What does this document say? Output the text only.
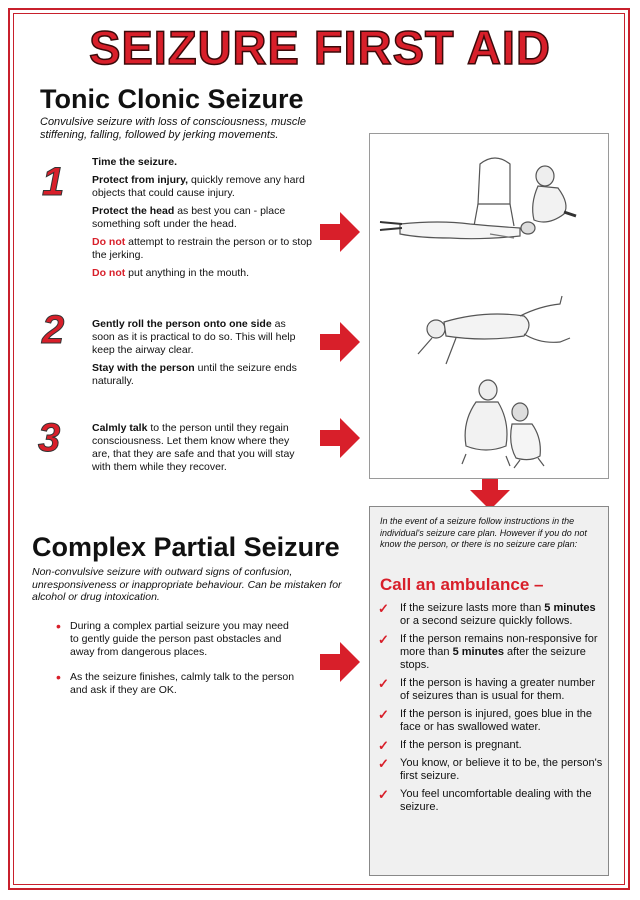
SEIZURE FIRST AID
Tonic Clonic Seizure
Convulsive seizure with loss of consciousness, muscle stiffening, falling, followed by jerking movements.
1	Time the seizure.

Protect from injury, quickly remove any hard objects that could cause injury.

Protect the head as best you can - place something soft under the head.

Do not attempt to restrain the person or to stop the jerking.

Do not put anything in the mouth.

2	Gently roll the person onto one side as soon as it is practical to do so. This will help keep the airway clear.

Stay with the person until the seizure ends naturally.

3	Calmly talk to the person until they regain consciousness. Let them know where they are, that they are safe and that you will stay with them while they recover.

Complex Partial Seizure
Non-convulsive seizure with outward signs of confusion, unresponsiveness or inappropriate behaviour. Can be mistaken for alcohol or drug intoxication.
• During a complex partial seizure you may need to gently guide the person past obstacles and away from dangerous places.
• As the seizure finishes, calmly talk to the person and ask if they are OK.
In the event of a seizure follow instructions in the individual's seizure care plan. However if you do not know the person, or there is no seizure care plan:
Call an ambulance –
✓	If the seizure lasts more than 5 minutes or a second seizure quickly follows.
✓	If the person remains non-responsive for more than 5 minutes after the seizure stops.
✓	If the person is having a greater number of seizures than is usual for them.
✓	If the person is injured, goes blue in the face or has swallowed water.
✓	If the person is pregnant.
✓	You know, or believe it to be, the person's first seizure.
✓	You feel uncomfortable dealing with the seizure.
